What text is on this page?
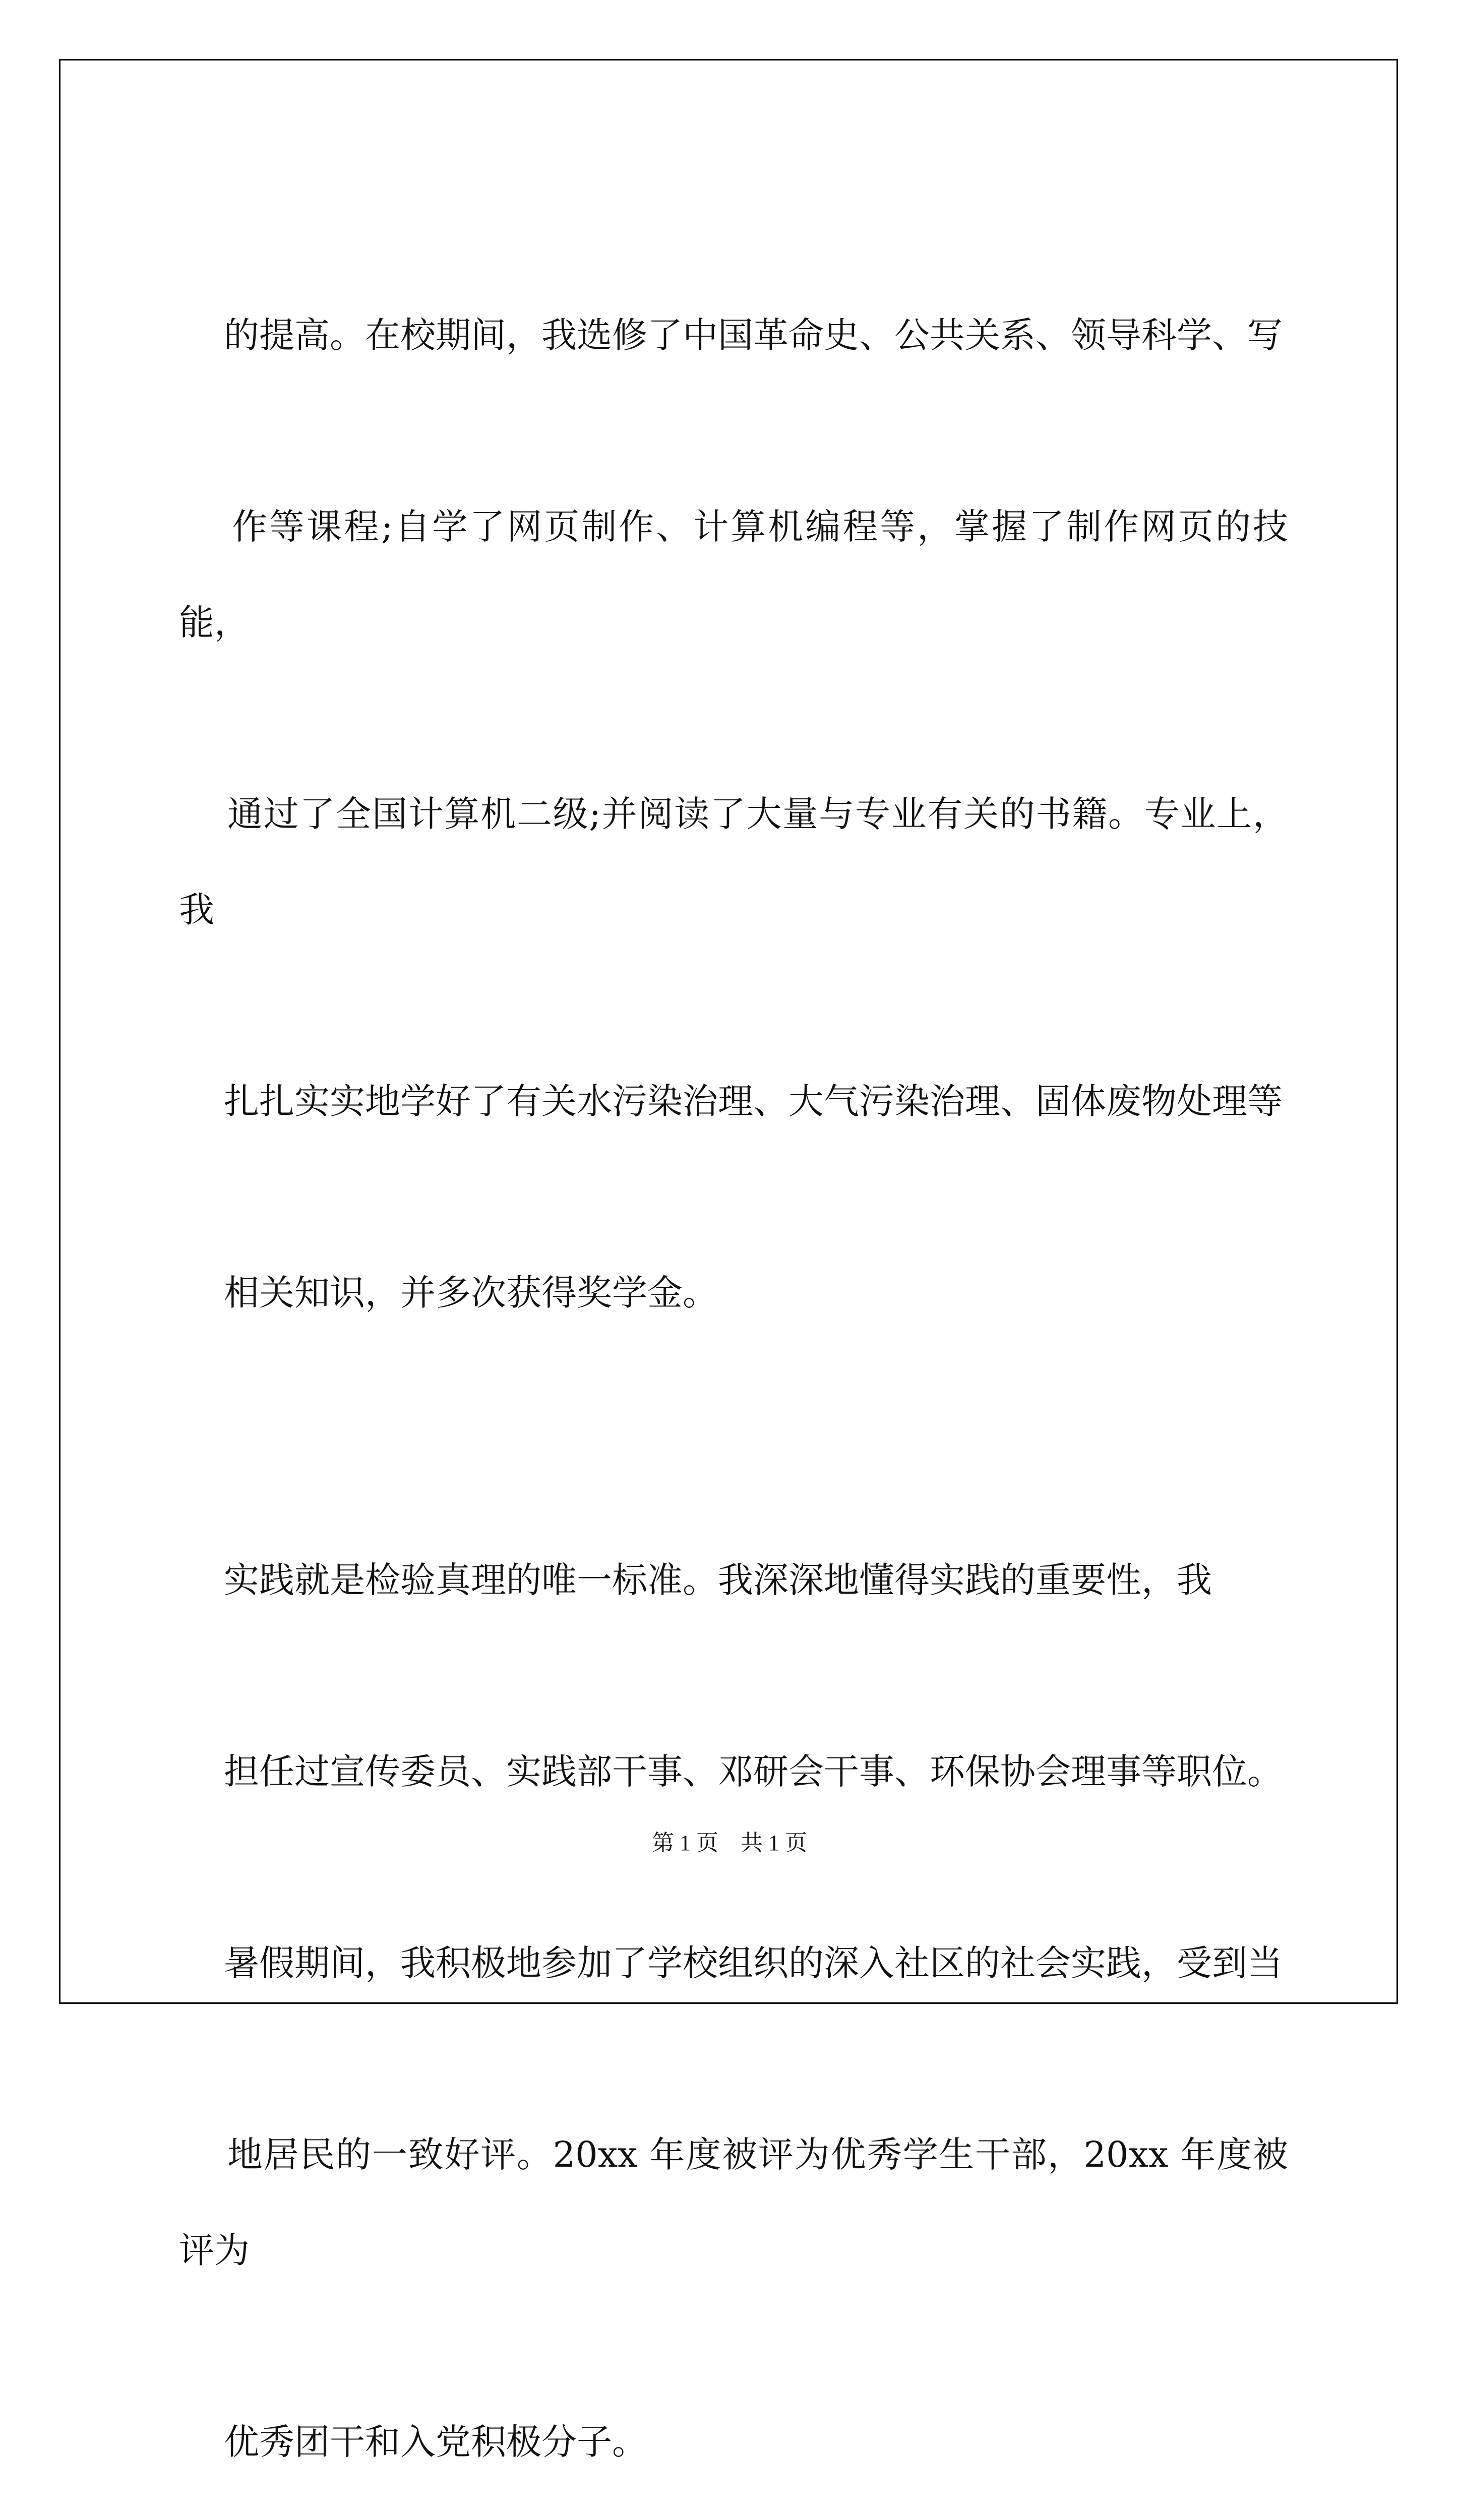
的提高。在校期间，我选修了中国革命史、公共关系、领导科学、写

作等课程;自学了网页制作、计算机编程等，掌握了制作网页的技能，

通过了全国计算机二级;并阅读了大量与专业有关的书籍。专业上，我

扎扎实实地学好了有关水污染治理、大气污染治理、固体废物处理等

相关知识，并多次获得奖学金。

实践就是检验真理的唯一标准。我深深地懂得实践的重要性，我

担任过宣传委员、实践部干事、邓研会干事、环保协会理事等职位。

暑假期间，我积极地参加了学校组织的深入社区的社会实践，受到当

地居民的一致好评。20xx 年度被评为优秀学生干部，20xx 年度被评为

优秀团干和入党积极分子。

第 1 页　共 1 页
